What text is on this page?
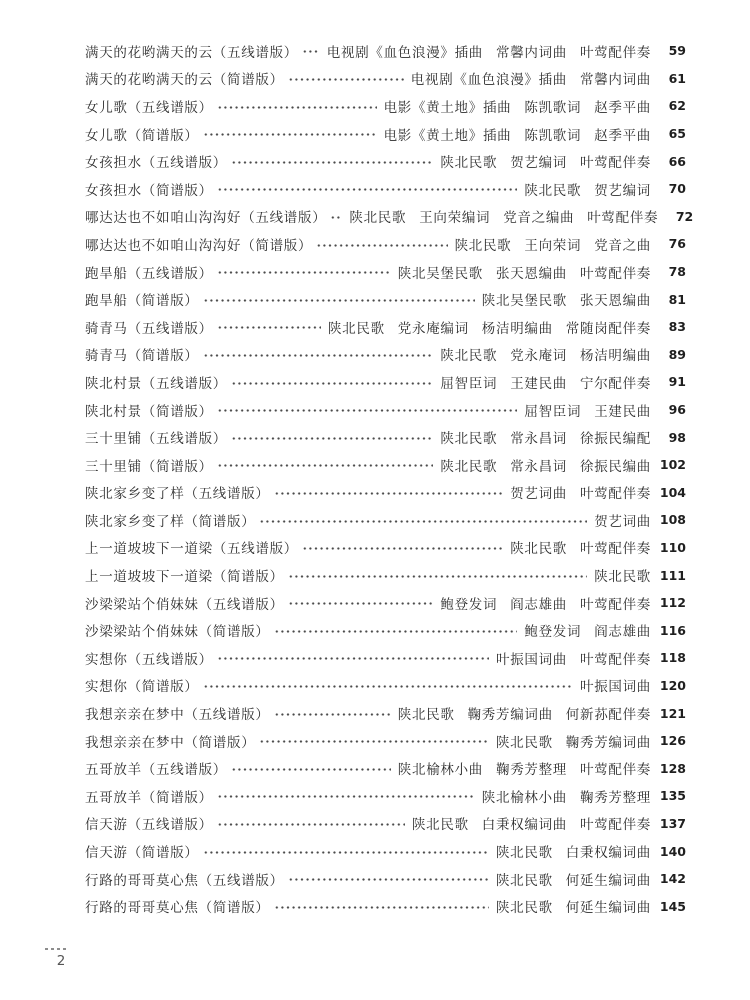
满天的花哟满天的云（五线谱版） 电视剧《血色浪漫》插曲 常馨内词曲 叶莺配伴奏	59
满天的花哟满天的云（简谱版）	电视剧《血色浪漫》插曲 常馨内词曲	61
女儿歌（五线谱版）	电影《黄土地》插曲 陈凯歌词 赵季平曲	62
女儿歌（简谱版）	电影《黄土地》插曲 陈凯歌词 赵季平曲	65
女孩担水（五线谱版）	陕北民歌 贺艺编词 叶莺配伴奏	66
女孩担水（简谱版）	陕北民歌 贺艺编词	70
哪达达也不如咱山沟沟好（五线谱版） 陕北民歌 王向荣编词 党音之编曲 叶莺配伴奏	72
哪达达也不如咱山沟沟好（简谱版）	陕北民歌 王向荣词 党音之曲	76
跑旱船（五线谱版）	陕北吴堡民歌 张天恩编曲 叶莺配伴奏	78
跑旱船（简谱版）	陕北吴堡民歌 张天恩编曲	81
骑青马（五线谱版）	陕北民歌 党永庵编词 杨洁明编曲 常随岗配伴奏	83
骑青马（简谱版）	陕北民歌 党永庵词 杨洁明编曲	89
陕北村景（五线谱版）	屈智臣词 王建民曲 宁尔配伴奏	91
陕北村景（简谱版）	屈智臣词 王建民曲	96
三十里铺（五线谱版）	陕北民歌 常永昌词 徐振民编配	98
三十里铺（简谱版）	陕北民歌 常永昌词 徐振民编曲 102
陕北家乡变了样（五线谱版）	贺艺词曲 叶莺配伴奏 104
陕北家乡变了样（简谱版）	贺艺词曲 108
上一道坡坡下一道梁（五线谱版）	陕北民歌 叶莺配伴奏 110
上一道坡坡下一道梁（简谱版）	陕北民歌 111
沙梁梁站个俏妹妹（五线谱版）	鲍登发词 阎志雄曲 叶莺配伴奏 112
沙梁梁站个俏妹妹（简谱版）	鲍登发词 阎志雄曲 116
实想你（五线谱版）	叶振国词曲 叶莺配伴奏 118
实想你（简谱版）	叶振国词曲 120
我想亲亲在梦中（五线谱版）	陕北民歌 鞠秀芳编词曲 何新荪配伴奏 121
我想亲亲在梦中（简谱版）	陕北民歌 鞠秀芳编词曲 126
五哥放羊（五线谱版）	陕北榆林小曲 鞠秀芳整理 叶莺配伴奏 128
五哥放羊（简谱版）	陕北榆林小曲 鞠秀芳整理 135
信天游（五线谱版）	陕北民歌 白秉权编词曲 叶莺配伴奏 137
信天游（简谱版）	陕北民歌 白秉权编词曲 140
行路的哥哥莫心焦（五线谱版）	陕北民歌 何延生编词曲 142
行路的哥哥莫心焦（简谱版）	陕北民歌 何延生编词曲 145
2
